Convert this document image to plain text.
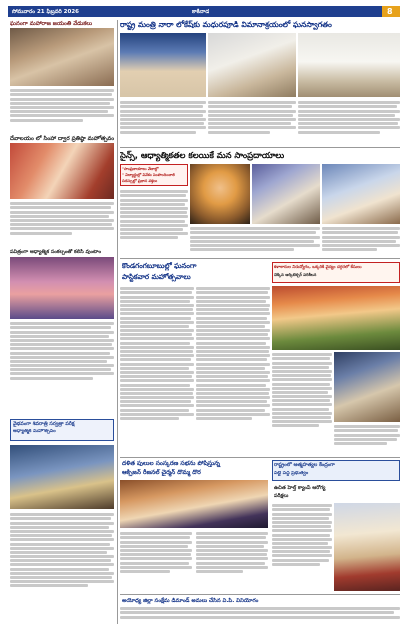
సోమవారం 21 ఫిబ్రవరి 2026	కాకినాడ	8
ఘనంగా మహారాజ జయంతి వేడుకలు
దేవాలయం లో సింహా ద్వార ప్రతిష్ఠా మహోత్సవం
పవిత్రంగా ఆధ్యాత్మిక సంకల్పంతో కలిసి వుంటాం
వైభవంగా శివరాత్రి సర్వత్రా పరీక్ష
ఆధ్యాత్మిక మహోత్సవం
రాష్ట్ర మంత్రి నారా లోకేష్‌కు మధురపూడి విమానాశ్రయంలో ఘనస్వాగతం
సైన్స్, ఆధ్యాత్మికతల కలయికే మన సాంప్రదాయాలు
"సాంప్రదాయాలు వేదాల్లో
" విద్యార్థుల్లో వివేకం పెంపొందించాలి
సదస్సుల్లో ప్రధాన వక్తలు
కొండగంగబూబుల్లో ఘనంగా
పాస్టికవార మహోత్సవాలు
కళాకారుల నిరుద్యోగం, ఒక్కరికి వైద్యం దగ్గరలో కేసులు
చెక్కిన ఆర్కిటెక్చర్ పరిశీలన
దళిత పులుల సంస్కరణ సభను పోషిస్తున్న
ఆక్సిజన్ రీజనల్ చైర్మన్ దొమ్మ దొర
రాష్ట్రంలో ఆత్మహత్యల కేంద్రంగా
పెట్టి పెద్ద ప్రభుత్వం
ఉచిత హెల్త్ క్యాంప్ ఆరోగ్య
పరీక్షలు
అయోధ్య జిల్లా సంక్షేమ డిమాండ్ అమలు చేసిన వి.పి. వినియోగం
